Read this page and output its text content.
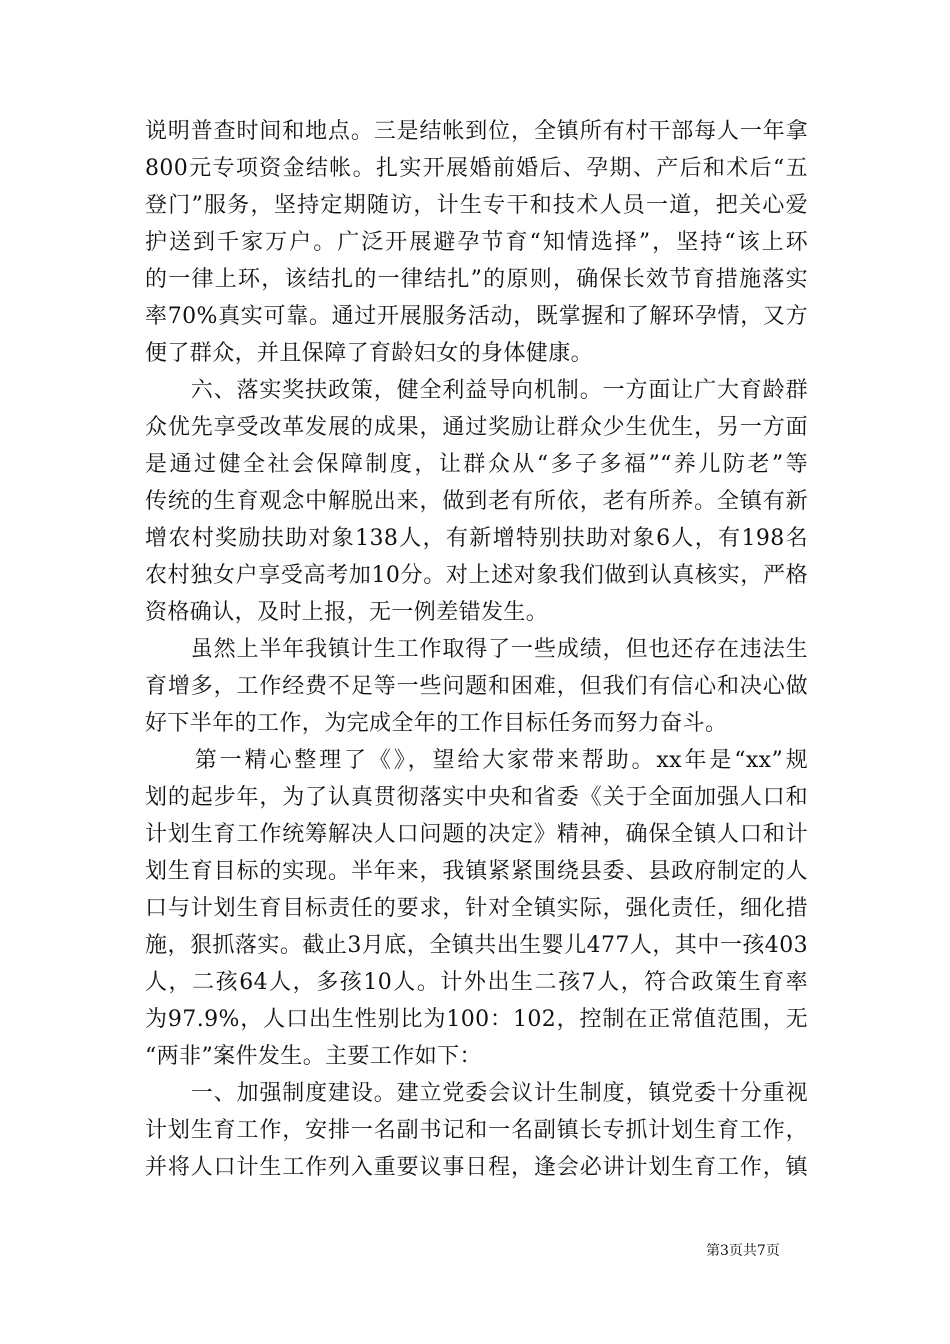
说明普查时间和地点。三是结帐到位，全镇所有村干部每人一年拿
800元专项资金结帐。扎实开展婚前婚后、孕期、产后和术后“五
登门”服务，坚持定期随访，计生专干和技术人员一道，把关心爱
护送到千家万户。广泛开展避孕节育“知情选择”，坚持“该上环
的一律上环，该结扎的一律结扎”的原则，确保长效节育措施落实
率70%真实可靠。通过开展服务活动，既掌握和了解环孕情，又方
便了群众，并且保障了育龄妇女的身体健康。
　　六、落实奖扶政策，健全利益导向机制。一方面让广大育龄群
众优先享受改革发展的成果，通过奖励让群众少生优生，另一方面
是通过健全社会保障制度，让群众从“多子多福”“养儿防老”等
传统的生育观念中解脱出来，做到老有所依，老有所养。全镇有新
增农村奖励扶助对象138人，有新增特别扶助对象6人，有198名
农村独女户享受高考加10分。对上述对象我们做到认真核实，严格
资格确认，及时上报，无一例差错发生。
　　虽然上半年我镇计生工作取得了一些成绩，但也还存在违法生
育增多，工作经费不足等一些问题和困难，但我们有信心和决心做
好下半年的工作，为完成全年的工作目标任务而努力奋斗。
　　第一精心整理了《》，望给大家带来帮助。xx年是“xx”规
划的起步年，为了认真贯彻落实中央和省委《关于全面加强人口和
计划生育工作统筹解决人口问题的决定》精神，确保全镇人口和计
划生育目标的实现。半年来，我镇紧紧围绕县委、县政府制定的人
口与计划生育目标责任的要求，针对全镇实际，强化责任，细化措
施，狠抓落实。截止3月底，全镇共出生婴儿477人，其中一孩403
人，二孩64人，多孩10人。计外出生二孩7人，符合政策生育率
为97.9%，人口出生性别比为100：102，控制在正常值范围，无
“两非”案件发生。主要工作如下：
　　一、加强制度建设。建立党委会议计生制度，镇党委十分重视
计划生育工作，安排一名副书记和一名副镇长专抓计划生育工作，
并将人口计生工作列入重要议事日程，逢会必讲计划生育工作，镇
第3页共7页
